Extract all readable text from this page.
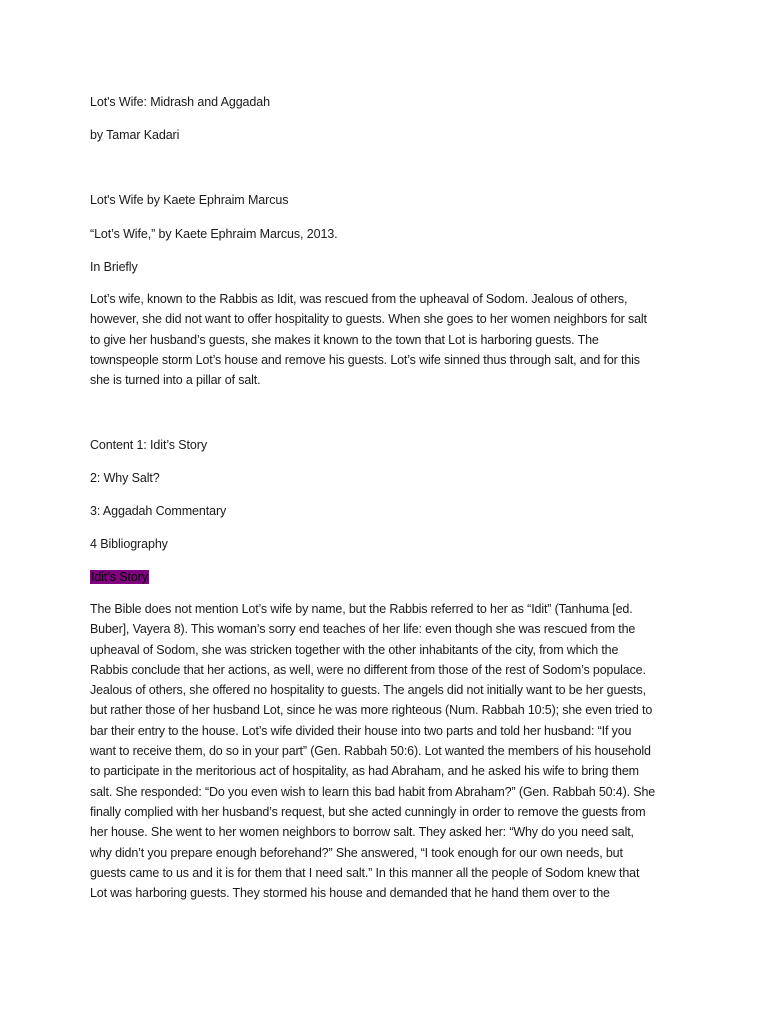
Lot's Wife: Midrash and Aggadah
by Tamar Kadari
Lot's Wife by Kaete Ephraim Marcus
“Lot’s Wife,” by Kaete Ephraim Marcus, 2013.
In Briefly
Lot’s wife, known to the Rabbis as Idit, was rescued from the upheaval of Sodom. Jealous of others,
however, she did not want to offer hospitality to guests. When she goes to her women neighbors for salt
to give her husband’s guests, she makes it known to the town that Lot is harboring guests. The
townspeople storm Lot’s house and remove his guests. Lot’s wife sinned thus through salt, and for this
she is turned into a pillar of salt.
Content 1: Idit’s Story
2: Why Salt?
3: Aggadah Commentary
4 Bibliography
Idit’s Story
The Bible does not mention Lot’s wife by name, but the Rabbis referred to her as “Idit” (Tanhuma [ed.
Buber], Vayera 8). This woman’s sorry end teaches of her life: even though she was rescued from the
upheaval of Sodom, she was stricken together with the other inhabitants of the city, from which the
Rabbis conclude that her actions, as well, were no different from those of the rest of Sodom’s populace.
Jealous of others, she offered no hospitality to guests. The angels did not initially want to be her guests,
but rather those of her husband Lot, since he was more righteous (Num. Rabbah 10:5); she even tried to
bar their entry to the house. Lot’s wife divided their house into two parts and told her husband: “If you
want to receive them, do so in your part” (Gen. Rabbah 50:6). Lot wanted the members of his household
to participate in the meritorious act of hospitality, as had Abraham, and he asked his wife to bring them
salt. She responded: “Do you even wish to learn this bad habit from Abraham?” (Gen. Rabbah 50:4). She
finally complied with her husband’s request, but she acted cunningly in order to remove the guests from
her house. She went to her women neighbors to borrow salt. They asked her: “Why do you need salt,
why didn’t you prepare enough beforehand?” She answered, “I took enough for our own needs, but
guests came to us and it is for them that I need salt.” In this manner all the people of Sodom knew that
Lot was harboring guests. They stormed his house and demanded that he hand them over to the
